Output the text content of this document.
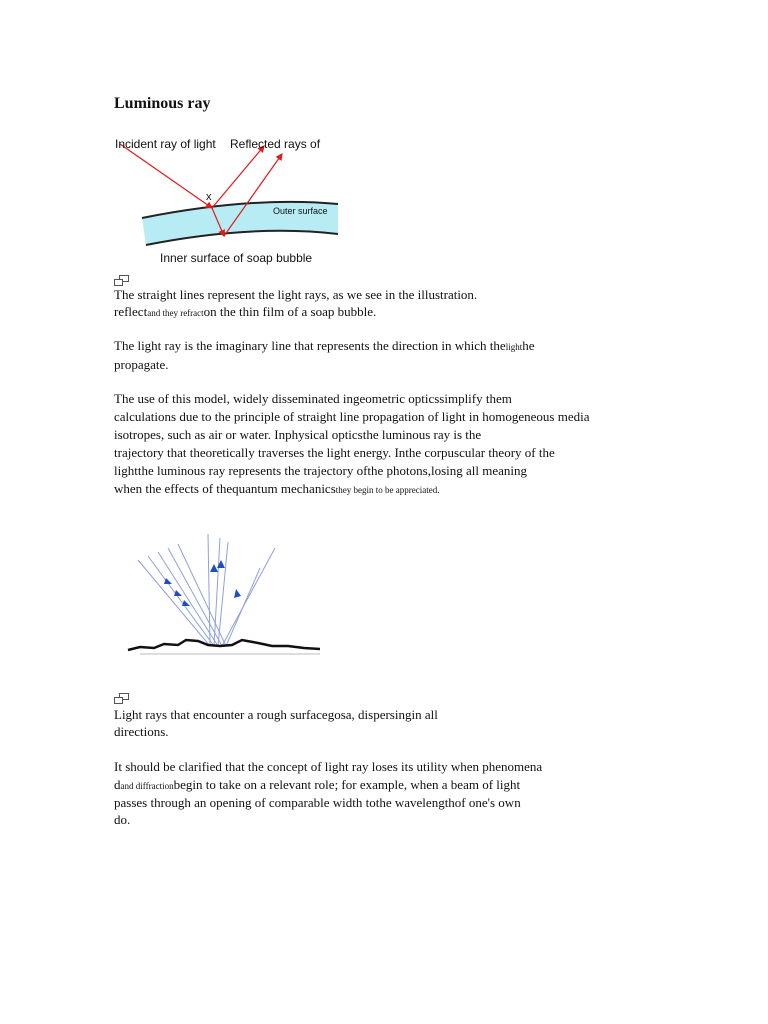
Luminous ray
Incident ray of light Reflected rays of
x
Outer surface
Inner surface of soap bubble
The straight lines represent the light rays, as we see in the illustration.
reflectand they refracton the thin film of a soap bubble.
The light ray is the imaginary line that represents the direction in which thelighthe
propagate.
The use of this model, widely disseminated ingeometric opticssimplify them
calculations due to the principle of straight line propagation of light in homogeneous media
isotropes, such as air or water. Inphysical opticsthe luminous ray is the
trajectory that theoretically traverses the light energy. Inthe corpuscular theory of the
lightthe luminous ray represents the trajectory ofthe photons,losing all meaning
when the effects of thequantum mechanicsthey begin to be appreciated.
Light rays that encounter a rough surfacegosa, dispersingin all
directions.
It should be clarified that the concept of light ray loses its utility when phenomena
dand diffractionbegin to take on a relevant role; for example, when a beam of light
passes through an opening of comparable width tothe wavelengthof one's own
do.
